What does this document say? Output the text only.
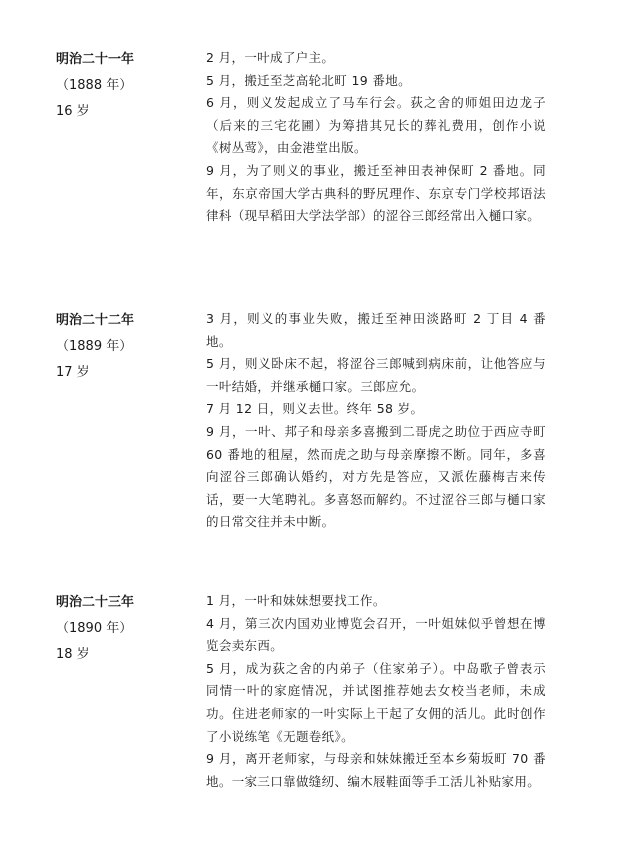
明治二十一年
（1888 年）
16 岁

2 月，一叶成了户主。

5 月，搬迁至芝高轮北町 19 番地。

6 月，则义发起成立了马车行会。荻之舍的师姐田边龙子（后来的三宅花圃）为筹措其兄长的葬礼费用，创作小说《树丛莺》，由金港堂出版。

9 月，为了则义的事业，搬迁至神田表神保町 2 番地。同年，东京帝国大学古典科的野尻理作、东京专门学校邦语法律科（现早稻田大学法学部）的涩谷三郎经常出入樋口家。

明治二十二年
（1889 年）
17 岁

3 月，则义的事业失败，搬迁至神田淡路町 2 丁目 4 番地。

5 月，则义卧床不起，将涩谷三郎喊到病床前，让他答应与一叶结婚，并继承樋口家。三郎应允。

7 月 12 日，则义去世。终年 58 岁。

9 月，一叶、邦子和母亲多喜搬到二哥虎之助位于西应寺町 60 番地的租屋，然而虎之助与母亲摩擦不断。同年，多喜向涩谷三郎确认婚约，对方先是答应，又派佐藤梅吉来传话，要一大笔聘礼。多喜怒而解约。不过涩谷三郎与樋口家的日常交往并未中断。

明治二十三年
（1890 年）
18 岁

1 月，一叶和妹妹想要找工作。

4 月，第三次内国劝业博览会召开，一叶姐妹似乎曾想在博览会卖东西。

5 月，成为荻之舍的内弟子（住家弟子）。中岛歌子曾表示同情一叶的家庭情况，并试图推荐她去女校当老师，未成功。住进老师家的一叶实际上干起了女佣的活儿。此时创作了小说练笔《无题卷纸》。

9 月，离开老师家，与母亲和妹妹搬迁至本乡菊坂町 70 番地。一家三口靠做缝纫、编木屐鞋面等手工活儿补贴家用。
